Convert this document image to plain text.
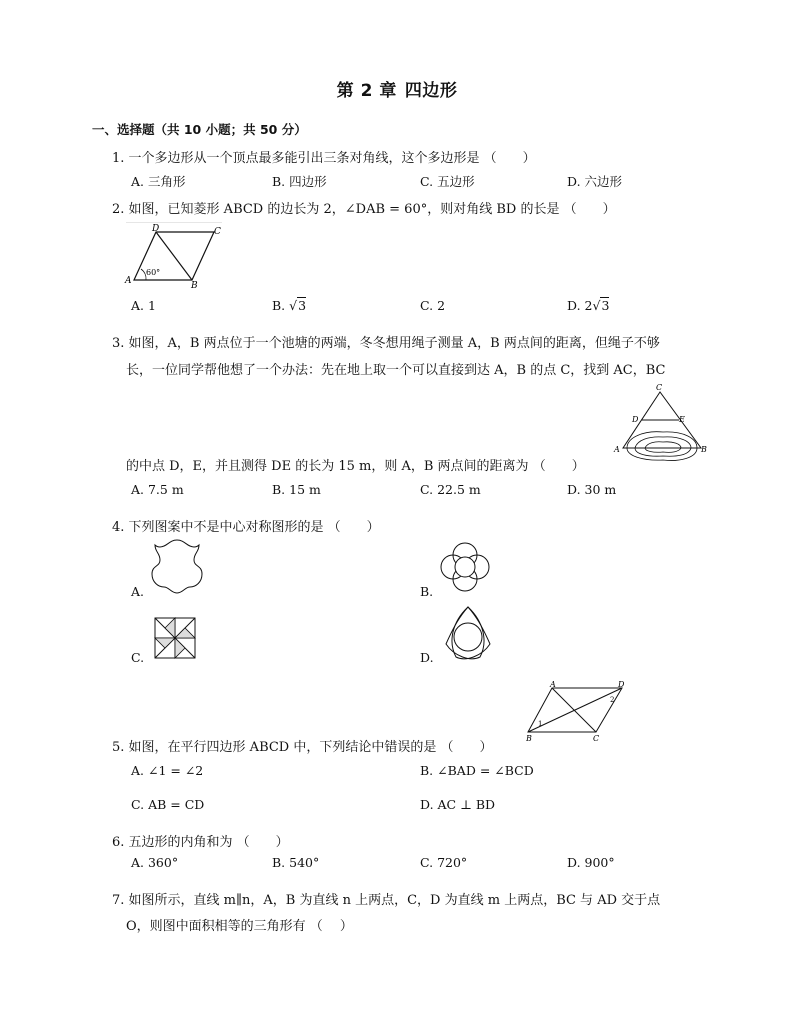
第 2 章 四边形
一、选择题（共 10 小题；共 50 分）
1. 一个多边形从一个顶点最多能引出三条对角线，这个多边形是 （　　）
A. 三角形	B. 四边形	C. 五边形	D. 六边形
2. 如图，已知菱形 ABCD 的边长为 2，∠DAB = 60°，则对角线 BD 的长是 （　　）
A	B
C
D
60°
A. 1	B. √3	C. 2	D. 2√3
3. 如图，A，B 两点位于一个池塘的两端，冬冬想用绳子测量 A，B 两点间的距离，但绳子不够
长，一位同学帮他想了一个办法：先在地上取一个可以直接到达 A，B 的点 C，找到 AC，BC
C
D	E
A	B
的中点 D，E，并且测得 DE 的长为 15 m，则 A，B 两点间的距离为 （　　）
A. 7.5 m	B. 15 m	C. 22.5 m	D. 30 m
4. 下列图案中不是中心对称图形的是 （　　）
A.	B.
C.	D.
A	D
B	C
1
2
5. 如图，在平行四边形 ABCD 中，下列结论中错误的是 （　　）
A. ∠1 = ∠2	B. ∠BAD = ∠BCD
C. AB = CD	D. AC ⊥ BD
6. 五边形的内角和为 （　　）
A. 360°	B. 540°	C. 720°	D. 900°
7. 如图所示，直线 m∥n，A，B 为直线 n 上两点，C，D 为直线 m 上两点，BC 与 AD 交于点
O，则图中面积相等的三角形有 （　 ）
